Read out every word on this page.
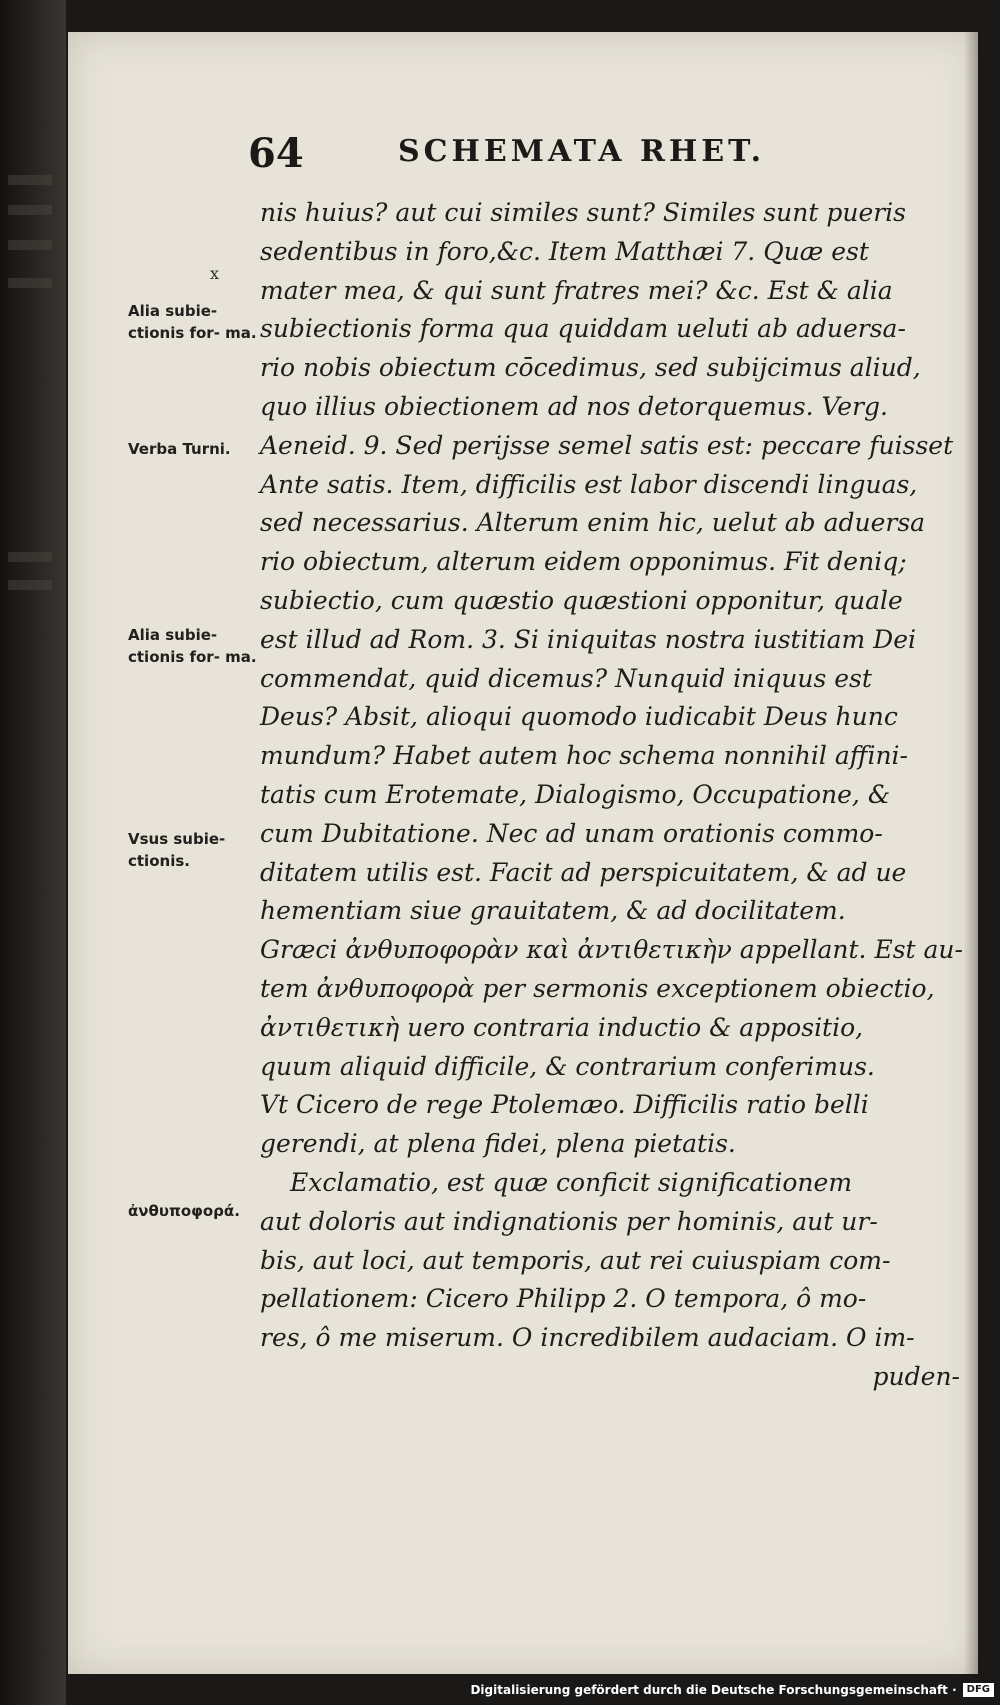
64	SCHEMATA RHET.
x
Alia subie- ctionis for- ma.
Verba Turni.
Alia subie- ctionis for- ma.
Vsus subie- ctionis.
ἀνθυποφορά.
nis huius? aut cui similes sunt? Similes sunt pueris
sedentibus in foro,&c. Item Matthæi 7. Quæ est
mater mea, & qui sunt fratres mei? &c. Est & alia
subiectionis forma qua quiddam ueluti ab aduersa-
rio nobis obiectum cōcedimus, sed subijcimus aliud,
quo illius obiectionem ad nos detorquemus. Verg.
Aeneid. 9. Sed perijsse semel satis est: peccare fuisset
Ante satis. Item, difficilis est labor discendi linguas,
sed necessarius. Alterum enim hic, uelut ab aduersa
rio obiectum, alterum eidem opponimus. Fit deniq;
subiectio, cum quæstio quæstioni opponitur, quale
est illud ad Rom. 3. Si iniquitas nostra iustitiam Dei
commendat, quid dicemus? Nunquid iniquus est
Deus? Absit, alioqui quomodo iudicabit Deus hunc
mundum? Habet autem hoc schema nonnihil affini-
tatis cum Erotemate, Dialogismo, Occupatione, &
cum Dubitatione. Nec ad unam orationis commo-
ditatem utilis est. Facit ad perspicuitatem, & ad ue
hementiam siue grauitatem, & ad docilitatem.
Græci ἀνθυποφορὰν καὶ ἀντιθετικὴν appellant. Est au-
tem ἀνθυποφορὰ per sermonis exceptionem obiectio,
ἀντιθετικὴ uero contraria inductio & appositio,
quum aliquid difficile, & contrarium conferimus.
Vt Cicero de rege Ptolemæo. Difficilis ratio belli
gerendi, at plena fidei, plena pietatis.
Exclamatio, est quæ conficit significationem
aut doloris aut indignationis per hominis, aut ur-
bis, aut loci, aut temporis, aut rei cuiuspiam com-
pellationem: Cicero Philipp 2. O tempora, ô mo-
res, ô me miserum. O incredibilem audaciam. O im-
puden-
Digitalisierung gefördert durch die Deutsche Forschungsgemeinschaft ·	DFG
